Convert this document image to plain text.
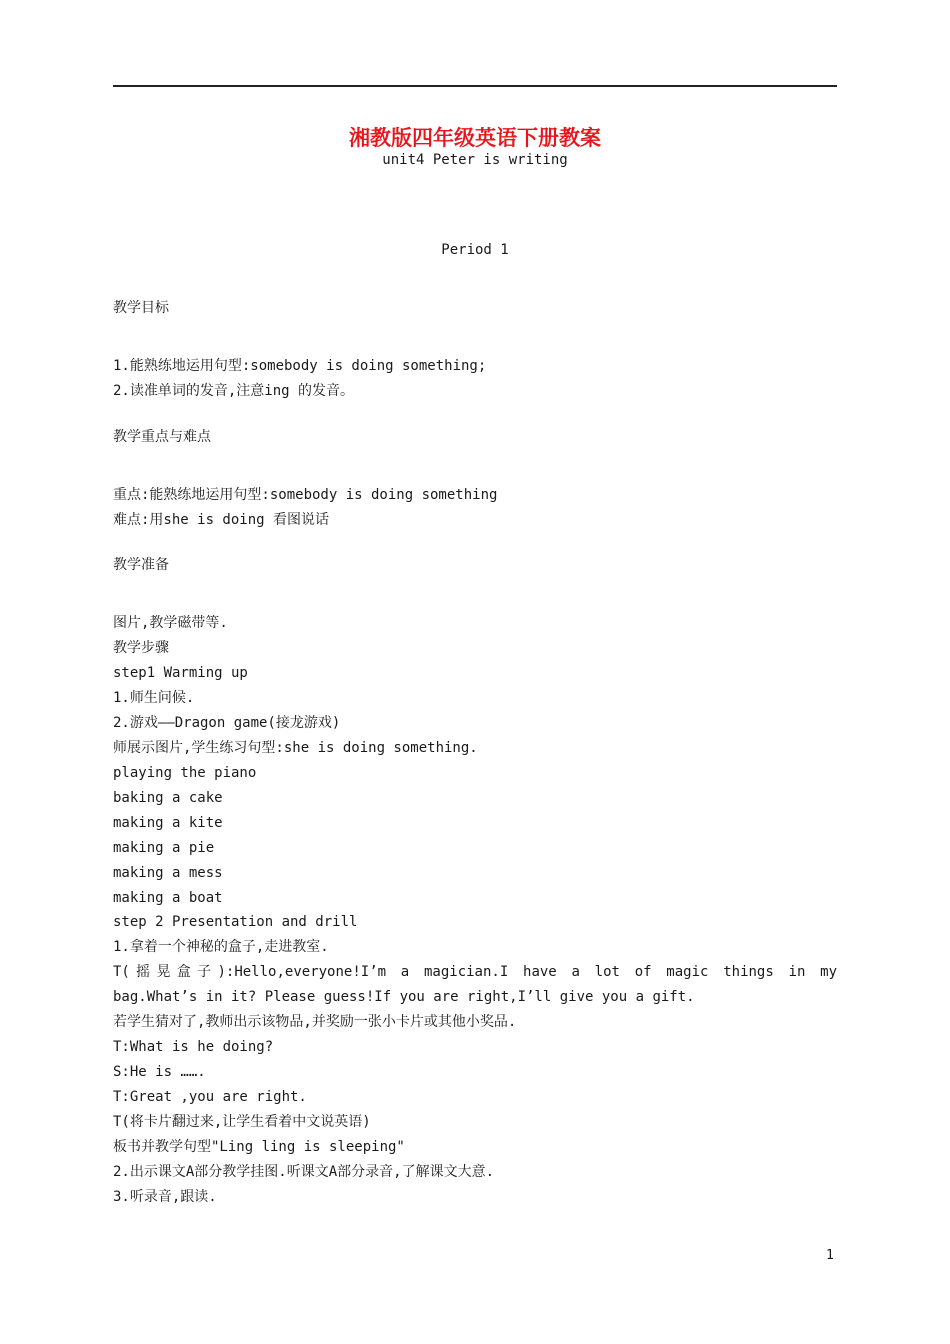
湘教版四年级英语下册教案
unit4 Peter is writing
Period 1
教学目标
1.能熟练地运用句型:somebody is doing something;
2.读准单词的发音,注意ing 的发音。
教学重点与难点
重点:能熟练地运用句型:somebody is doing something
难点:用she is doing 看图说话
教学准备
图片,教学磁带等.
教学步骤
step1 Warming up
1.师生问候.
2.游戏——Dragon game(接龙游戏)
师展示图片,学生练习句型:she is doing something.
playing the piano
baking a cake
making a kite
making a pie
making a mess
making a boat
step 2 Presentation and drill
1.拿着一个神秘的盒子,走进教室.
T(摇晃盒子):Hello,everyone!I’m a magician.I have a lot of magic things in my
bag.What’s in it? Please guess!If you are right,I’ll give you a gift.
若学生猜对了,教师出示该物品,并奖励一张小卡片或其他小奖品.
T:What is he doing?
S:He is …….
T:Great ,you are right.
T(将卡片翻过来,让学生看着中文说英语)
板书并教学句型"Ling ling is sleeping"
2.出示课文A部分教学挂图.听课文A部分录音,了解课文大意.
3.听录音,跟读.
1
